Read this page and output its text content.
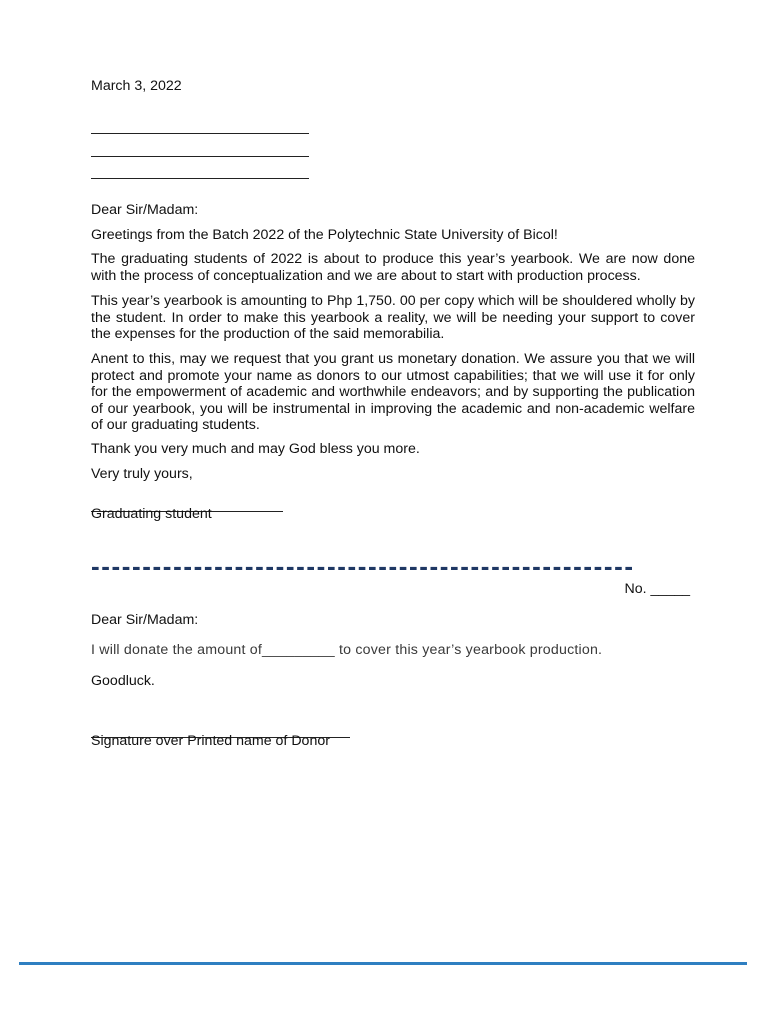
March 3, 2022
Dear Sir/Madam:
Greetings from the Batch 2022 of the Polytechnic State University of Bicol!
The graduating students of 2022 is about to produce this year’s yearbook. We are now done with the process of conceptualization and we are about to start with production process.
This year’s yearbook is amounting to Php 1,750. 00 per copy which will be shouldered wholly by the student. In order to make this yearbook a reality, we will be needing your support to cover the expenses for the production of the said memorabilia.
Anent to this, may we request that you grant us monetary donation. We assure you that we will protect and promote your name as donors to our utmost capabilities; that we will use it for only for the empowerment of academic and worthwhile endeavors; and by supporting the publication of our yearbook, you will be instrumental in improving the academic and non-academic welfare of our graduating students.
Thank you very much and may God bless you more.
Very truly yours,
Graduating student
-----------------------------------------------------
No. _____
Dear Sir/Madam:
I will donate the amount of_________ to cover this year’s yearbook production.
Goodluck.
Signature over Printed name of Donor
